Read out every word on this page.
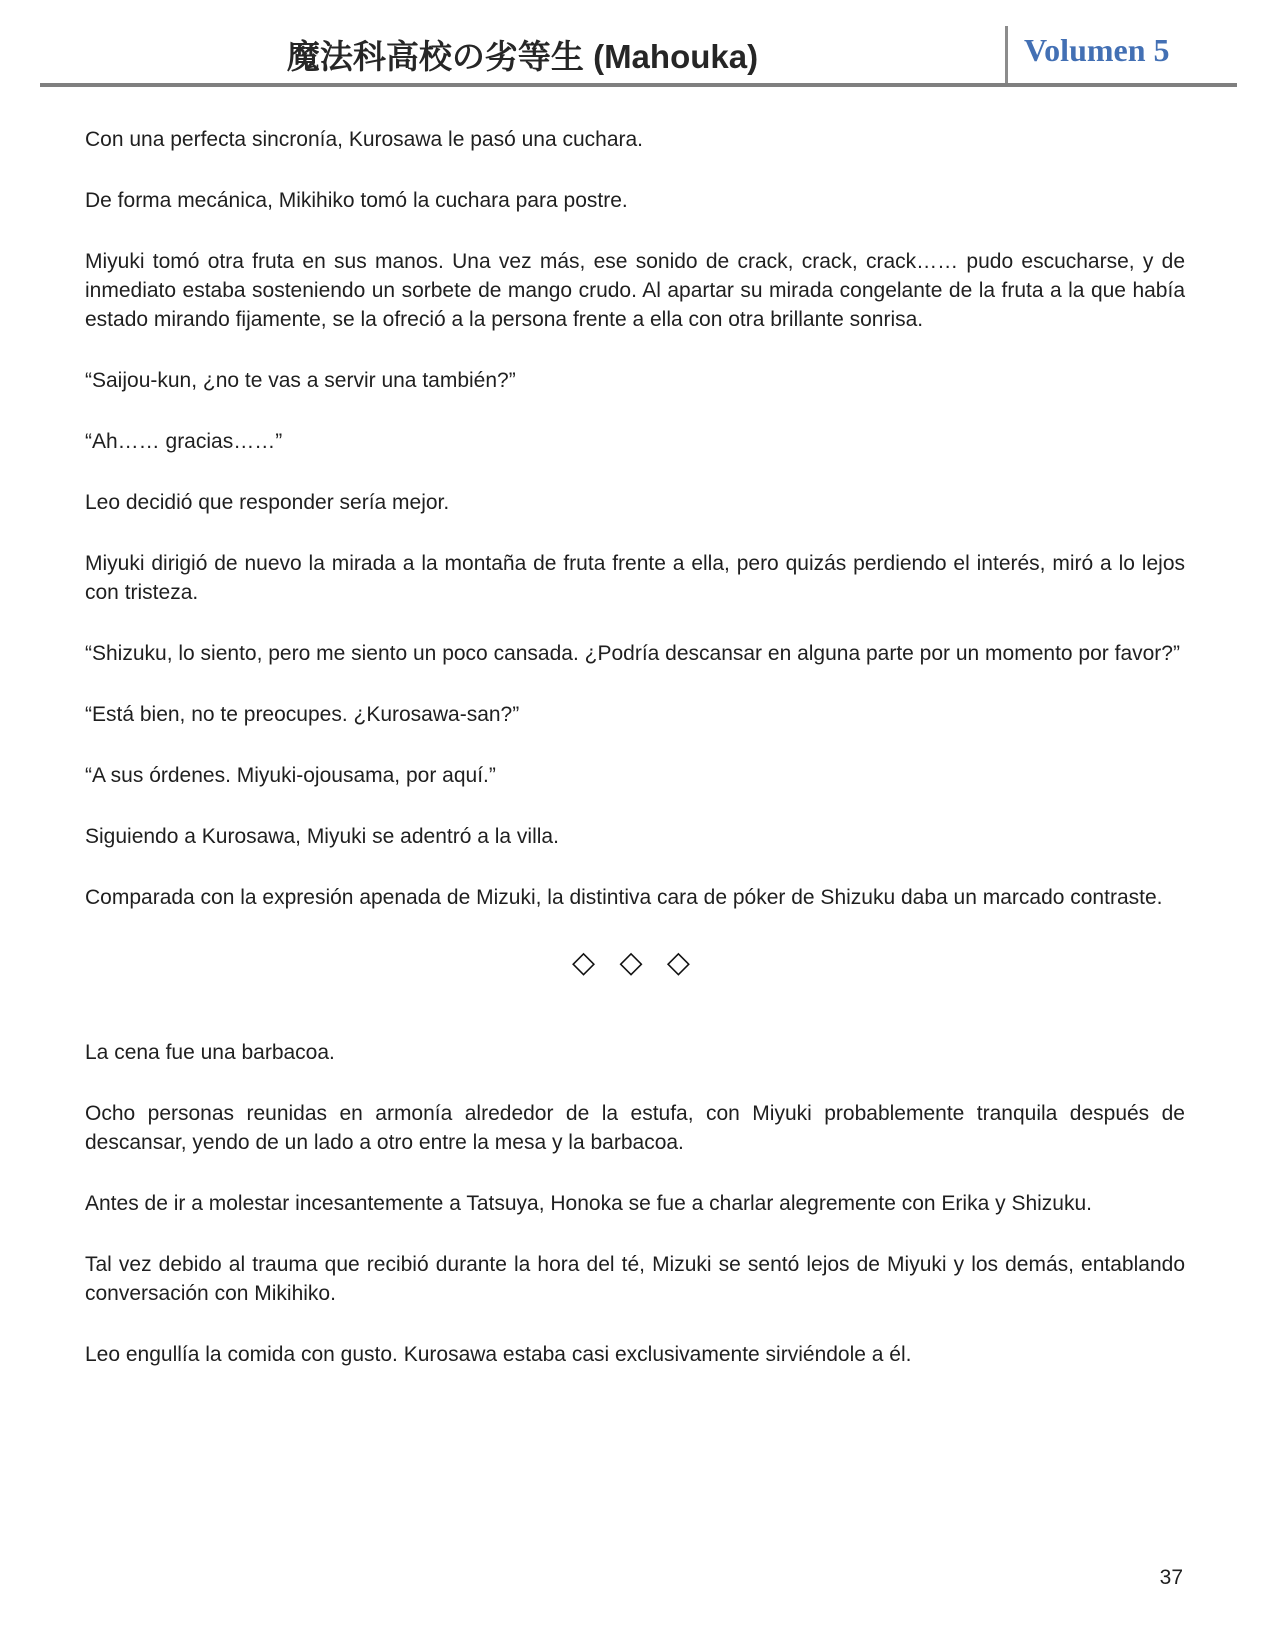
魔法科高校の劣等生 (Mahouka)	Volumen 5

Con una perfecta sincronía, Kurosawa le pasó una cuchara.

De forma mecánica, Mikihiko tomó la cuchara para postre.

Miyuki tomó otra fruta en sus manos. Una vez más, ese sonido de crack, crack, crack…… pudo escucharse, y de inmediato estaba sosteniendo un sorbete de mango crudo. Al apartar su mirada congelante de la fruta a la que había estado mirando fijamente, se la ofreció a la persona frente a ella con otra brillante sonrisa.

“Saijou-kun, ¿no te vas a servir una también?”

“Ah…… gracias……”

Leo decidió que responder sería mejor.

Miyuki dirigió de nuevo la mirada a la montaña de fruta frente a ella, pero quizás perdiendo el interés, miró a lo lejos con tristeza.

“Shizuku, lo siento, pero me siento un poco cansada. ¿Podría descansar en alguna parte por un momento por favor?”

“Está bien, no te preocupes. ¿Kurosawa-san?”

“A sus órdenes. Miyuki-ojousama, por aquí.”

Siguiendo a Kurosawa, Miyuki se adentró a la villa.

Comparada con la expresión apenada de Mizuki, la distintiva cara de póker de Shizuku daba un marcado contraste.

◇ ◇ ◇

La cena fue una barbacoa.

Ocho personas reunidas en armonía alrededor de la estufa, con Miyuki probablemente tranquila después de descansar, yendo de un lado a otro entre la mesa y la barbacoa.

Antes de ir a molestar incesantemente a Tatsuya, Honoka se fue a charlar alegremente con Erika y Shizuku.

Tal vez debido al trauma que recibió durante la hora del té, Mizuki se sentó lejos de Miyuki y los demás, entablando conversación con Mikihiko.

Leo engullía la comida con gusto. Kurosawa estaba casi exclusivamente sirviéndole a él.

37
